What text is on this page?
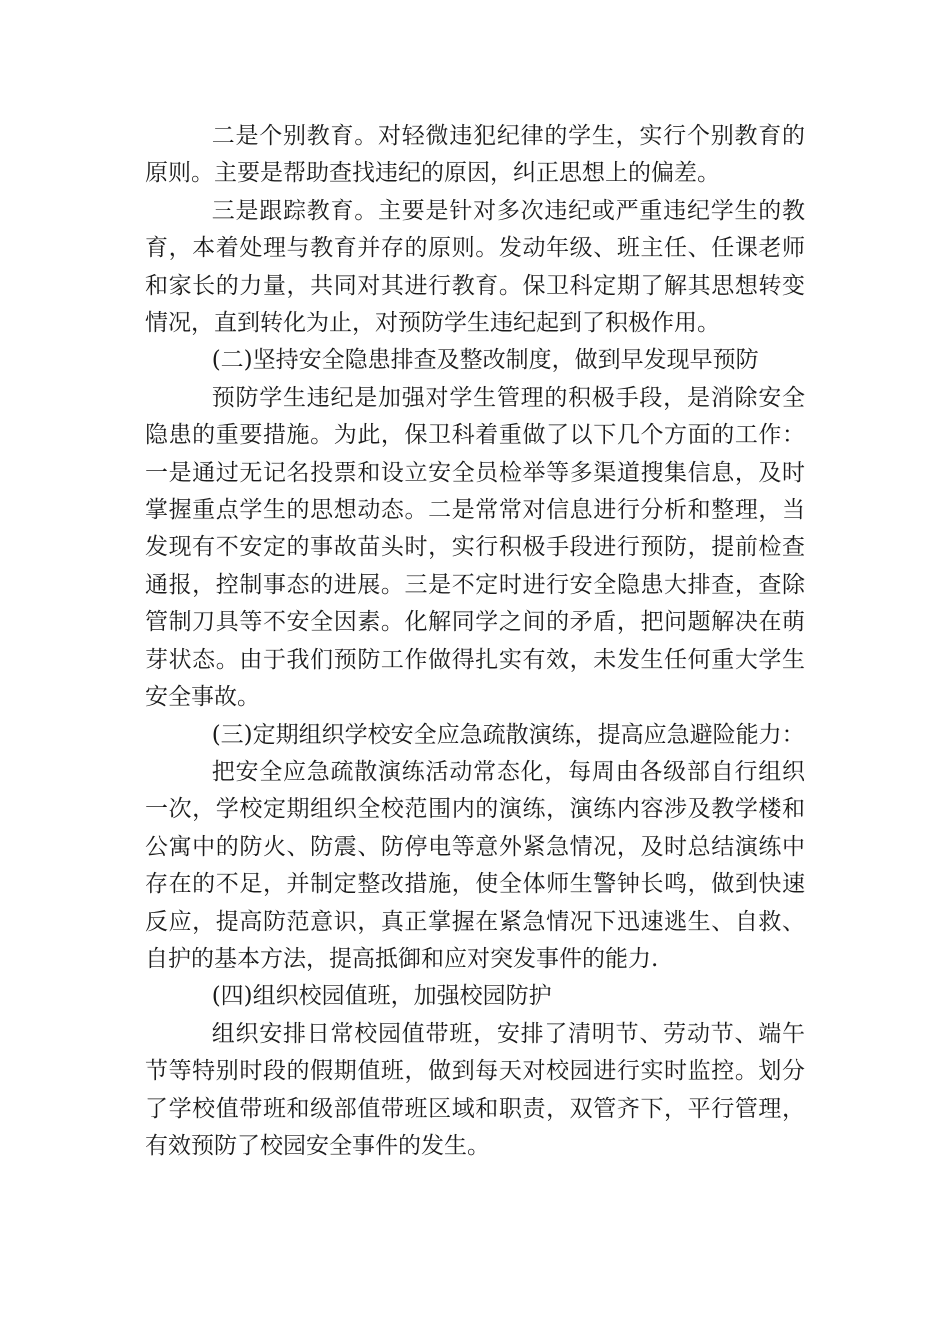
二是个别教育。对轻微违犯纪律的学生，实行个别教育的原则。主要是帮助查找违纪的原因，纠正思想上的偏差。

三是跟踪教育。主要是针对多次违纪或严重违纪学生的教育，本着处理与教育并存的原则。发动年级、班主任、任课老师和家长的力量，共同对其进行教育。保卫科定期了解其思想转变情况，直到转化为止，对预防学生违纪起到了积极作用。

(二)坚持安全隐患排查及整改制度，做到早发现早预防

预防学生违纪是加强对学生管理的积极手段，是消除安全隐患的重要措施。为此，保卫科着重做了以下几个方面的工作：一是通过无记名投票和设立安全员检举等多渠道搜集信息，及时掌握重点学生的思想动态。二是常常对信息进行分析和整理，当发现有不安定的事故苗头时，实行积极手段进行预防，提前检查通报，控制事态的进展。三是不定时进行安全隐患大排查，查除管制刀具等不安全因素。化解同学之间的矛盾，把问题解决在萌芽状态。由于我们预防工作做得扎实有效，未发生任何重大学生安全事故。

(三)定期组织学校安全应急疏散演练，提高应急避险能力：

把安全应急疏散演练活动常态化，每周由各级部自行组织一次，学校定期组织全校范围内的演练，演练内容涉及教学楼和公寓中的防火、防震、防停电等意外紧急情况，及时总结演练中存在的不足，并制定整改措施，使全体师生警钟长鸣，做到快速反应，提高防范意识，真正掌握在紧急情况下迅速逃生、自救、自护的基本方法，提高抵御和应对突发事件的能力.

(四)组织校园值班，加强校园防护

组织安排日常校园值带班，安排了清明节、劳动节、端午节等特别时段的假期值班，做到每天对校园进行实时监控。划分了学校值带班和级部值带班区域和职责，双管齐下，平行管理，有效预防了校园安全事件的发生。
